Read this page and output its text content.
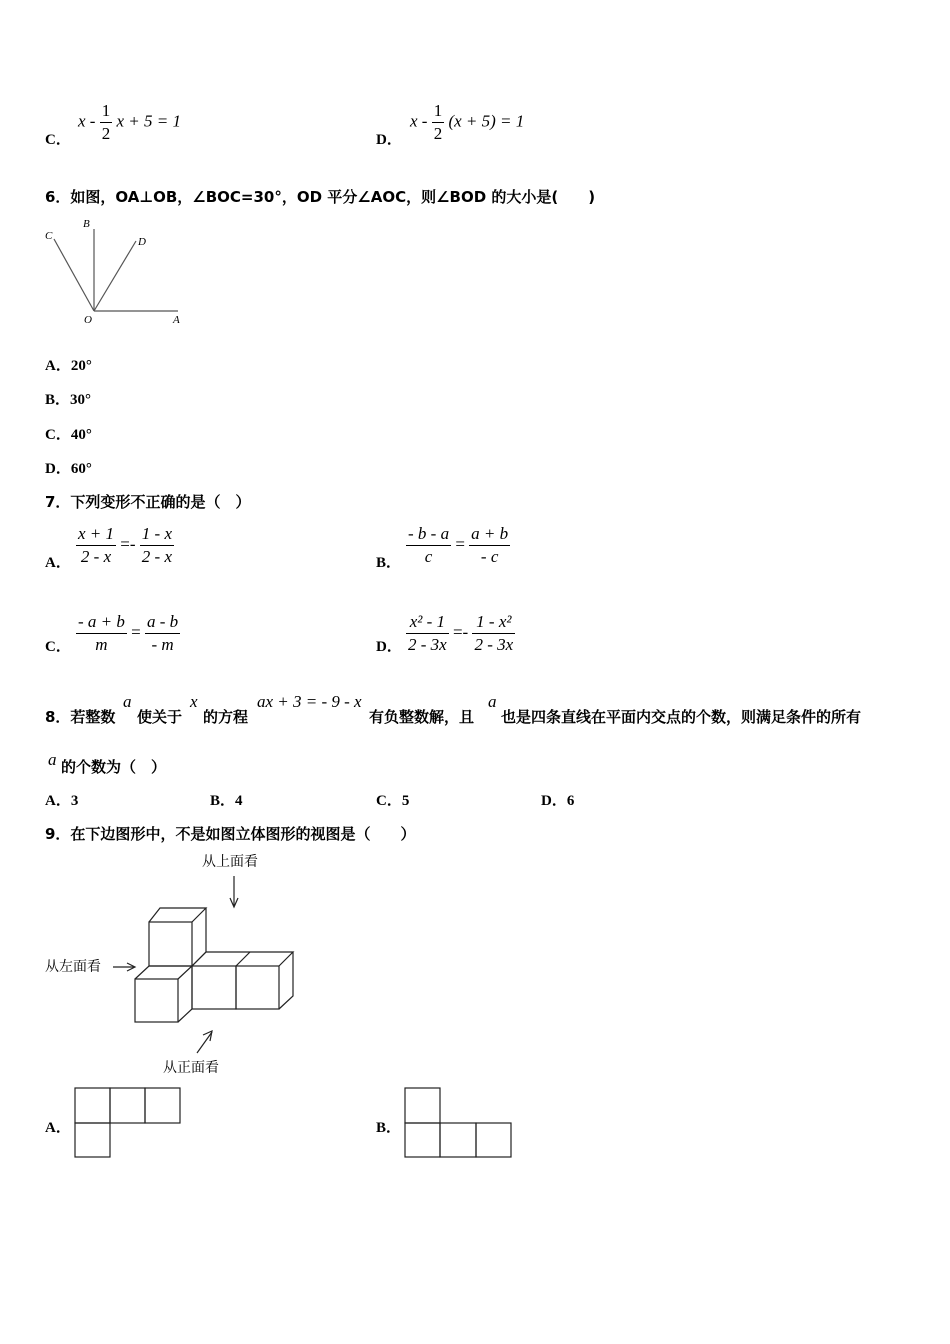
C．
x - $\frac{1}{2}$ x + 5 = 1
D．
$x - \frac{1}{2} (x + 5) = 1$
6．如图，OA⊥OB，∠BOC=30°，OD 平分∠AOC，则∠BOD 的大小是(　　)
C
B
D
O	A
A．20°
B．30°
C．40°
D．60°
7．下列变形不正确的是（　）
A． $\frac{x + 1}{2 - x} =- \frac{1 - x}{2 - x}$	B． $\frac{- b - a}{c} = \frac{a + b}{- c}$
C． $\frac{- a + b}{m} = \frac{a - b}{- m}$	D． $\frac{\text{x² - 1}}{2 - 3x} =- \frac{\text{1 - x²}}{2 - 3x}$
8．若整数
a
使关于
x
的方程
ax + 3 = - 9 - x
有负整数解，且
a
也是四条直线在平面内交点的个数，则满足条件的所有
a 的个数为（　）
A．3	B．4	C．5	D．6
9．在下边图形中，不是如图立体图形的视图是（　　）
从上面看
从左面看
从正面看
A．	B．
